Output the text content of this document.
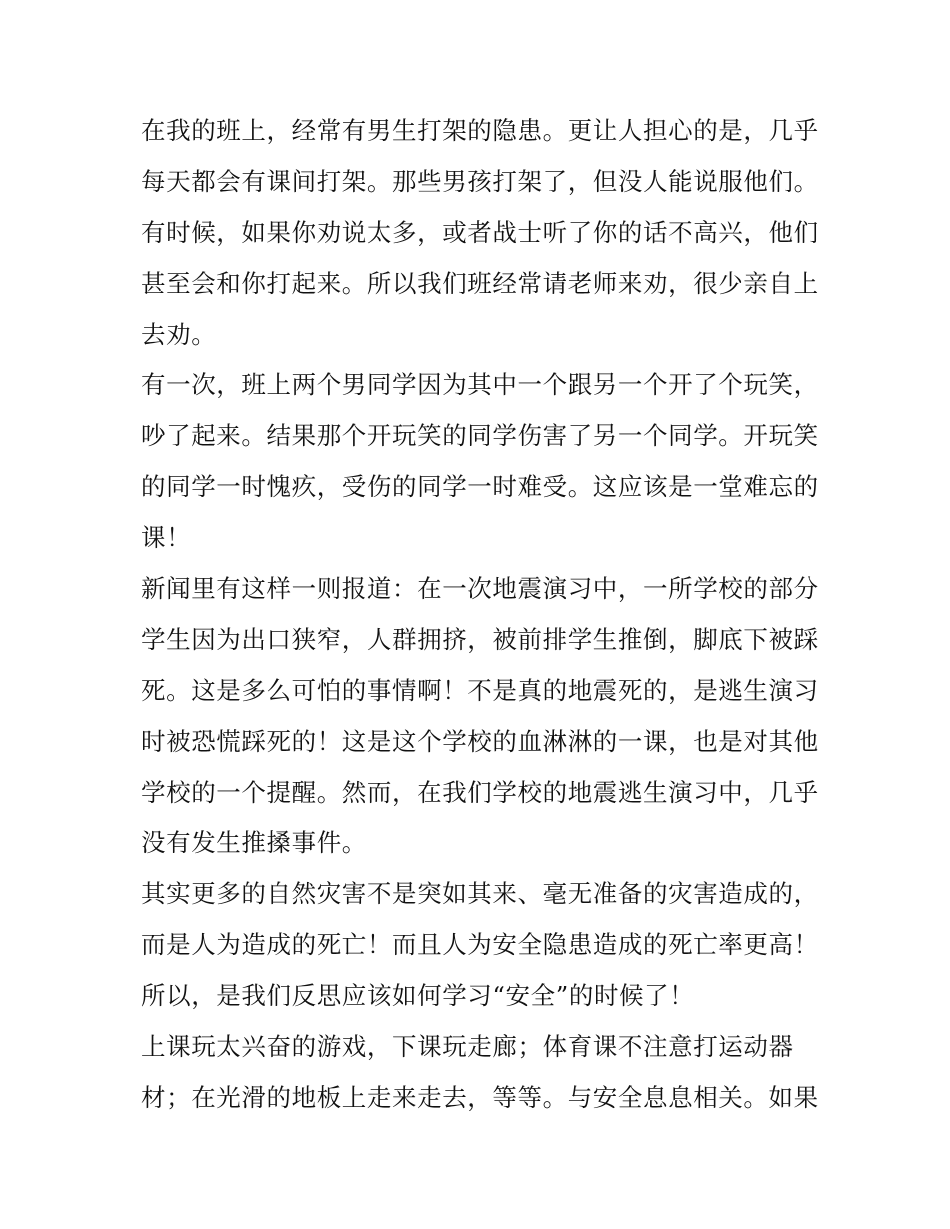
在我的班上，经常有男生打架的隐患。更让人担心的是，几乎
每天都会有课间打架。那些男孩打架了，但没人能说服他们。
有时候，如果你劝说太多，或者战士听了你的话不高兴，他们
甚至会和你打起来。所以我们班经常请老师来劝，很少亲自上
去劝。
有一次，班上两个男同学因为其中一个跟另一个开了个玩笑，
吵了起来。结果那个开玩笑的同学伤害了另一个同学。开玩笑
的同学一时愧疚，受伤的同学一时难受。这应该是一堂难忘的
课！
新闻里有这样一则报道：在一次地震演习中，一所学校的部分
学生因为出口狭窄，人群拥挤，被前排学生推倒，脚底下被踩
死。这是多么可怕的事情啊！不是真的地震死的，是逃生演习
时被恐慌踩死的！这是这个学校的血淋淋的一课，也是对其他
学校的一个提醒。然而，在我们学校的地震逃生演习中，几乎
没有发生推搡事件。
其实更多的自然灾害不是突如其来、毫无准备的灾害造成的，
而是人为造成的死亡！而且人为安全隐患造成的死亡率更高！
所以，是我们反思应该如何学习“安全”的时候了！
上课玩太兴奋的游戏，下课玩走廊；体育课不注意打运动器
材；在光滑的地板上走来走去，等等。与安全息息相关。如果
